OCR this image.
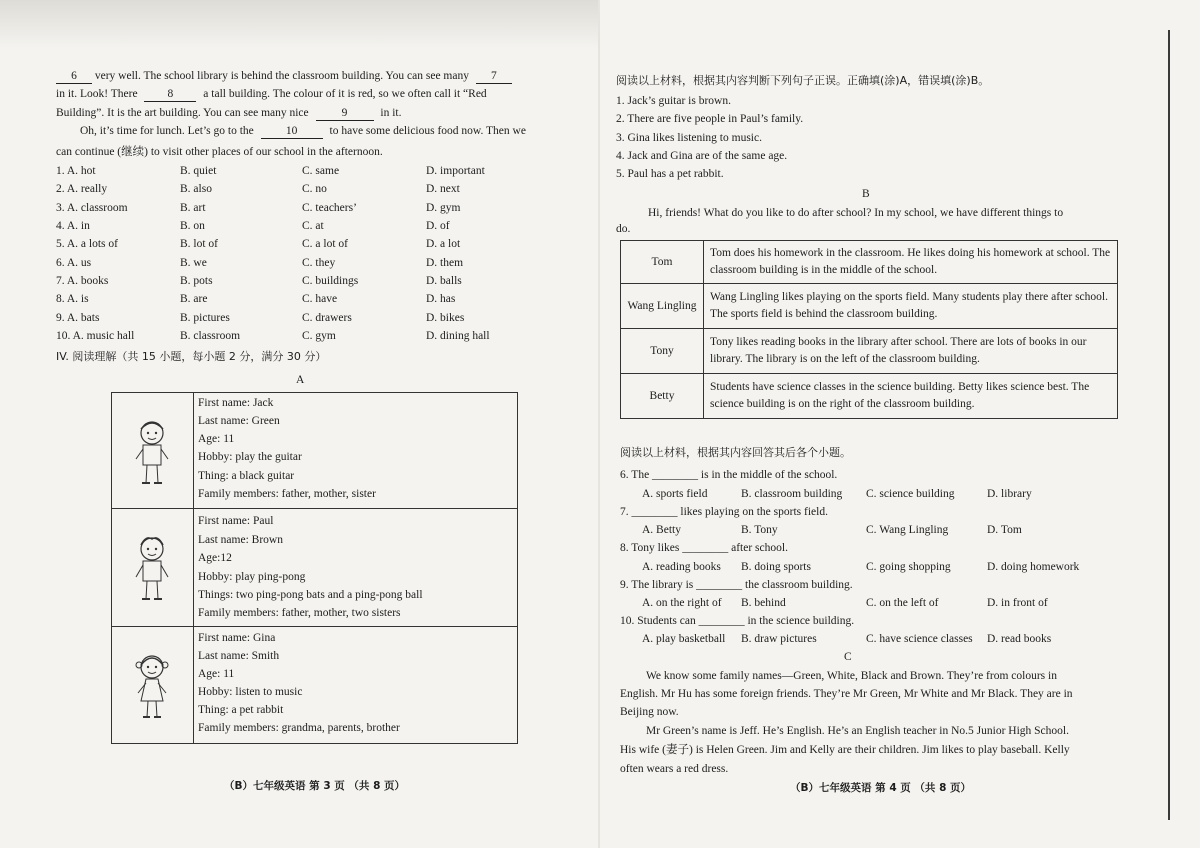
6 very well. The school library is behind the classroom building. You can see many 7
in it. Look! There	8	a tall building. The colour of it is red, so we often call it “Red
Building”. It is the art building. You can see many nice	9	in it.
Oh, it’s time for lunch. Let’s go to the	10	to have some delicious food now. Then we
can continue (继续) to visit other places of our school in the afternoon.
1. A. hot	B. quiet	C. same	D. important
2. A. really	B. also	C. no	D. next
3. A. classroom	B. art	C. teachers’	D. gym
4. A. in	B. on	C. at	D. of
5. A. a lots of	B. lot of	C. a lot of	D. a lot
6. A. us	B. we	C. they	D. them
7. A. books	B. pots	C. buildings	D. balls
8. A. is	B. are	C. have	D. has
9. A. bats	B. pictures	C. drawers	D. bikes
10. A. music hall	B. classroom	C. gym	D. dining hall
IV. 阅读理解（共 15 小题，每小题 2 分，满分 30 分）
A
First name: Jack
Last name: Green
Age: 11
Hobby: play the guitar
Thing: a black guitar
Family members: father, mother, sister
First name: Paul
Last name: Brown
Age:12
Hobby: play ping-pong
Things: two ping-pong bats and a ping-pong ball
Family members: father, mother, two sisters
First name: Gina
Last name: Smith
Age: 11
Hobby: listen to music
Thing: a pet rabbit
Family members: grandma, parents, brother
（B）七年级英语 第 3 页 （共 8 页）
阅读以上材料，根据其内容判断下列句子正误。正确填(涂)A，错误填(涂)B。
1. Jack’s guitar is brown.
2. There are five people in Paul’s family.
3. Gina likes listening to music.
4. Jack and Gina are of the same age.
5. Paul has a pet rabbit.
B
Hi, friends! What do you like to do after school? In my school, we have different things to
do.
（B）七年级英语 第 4 页 （共 8 页）
Tom	Tom does his homework in the classroom. He likes doing his homework at school. The classroom building is in the middle of the school.
Wang Lingling	Wang Lingling likes playing on the sports field. Many students play there after school. The sports field is behind the classroom building.
Tony	Tony likes reading books in the library after school. There are lots of books in our library. The library is on the left of the classroom building.
Betty	Students have science classes in the science building. Betty likes science best. The science building is on the right of the classroom building.
阅读以上材料，根据其内容回答其后各个小题。
6. The ________ is in the middle of the school.
A. sports field	B. classroom building C. science building	D. library
7. ________ likes playing on the sports field.
A. Betty	B. Tony	C. Wang Lingling	D. Tom
8. Tony likes ________ after school.
A. reading books B. doing sports	C. going shopping	D. doing homework
9. The library is ________ the classroom building.
A. on the right of B. behind	C. on the left of	D. in front of
10. Students can ________ in the science building.
A. play basketball B. draw pictures	C. have science classes D. read books
C
We know some family names—Green, White, Black and Brown. They’re from colours in
English. Mr Hu has some foreign friends. They’re Mr Green, Mr White and Mr Black. They are in
Beijing now.
Mr Green’s name is Jeff. He’s English. He’s an English teacher in No.5 Junior High School.
His wife (妻子) is Helen Green. Jim and Kelly are their children. Jim likes to play baseball. Kelly
often wears a red dress.
